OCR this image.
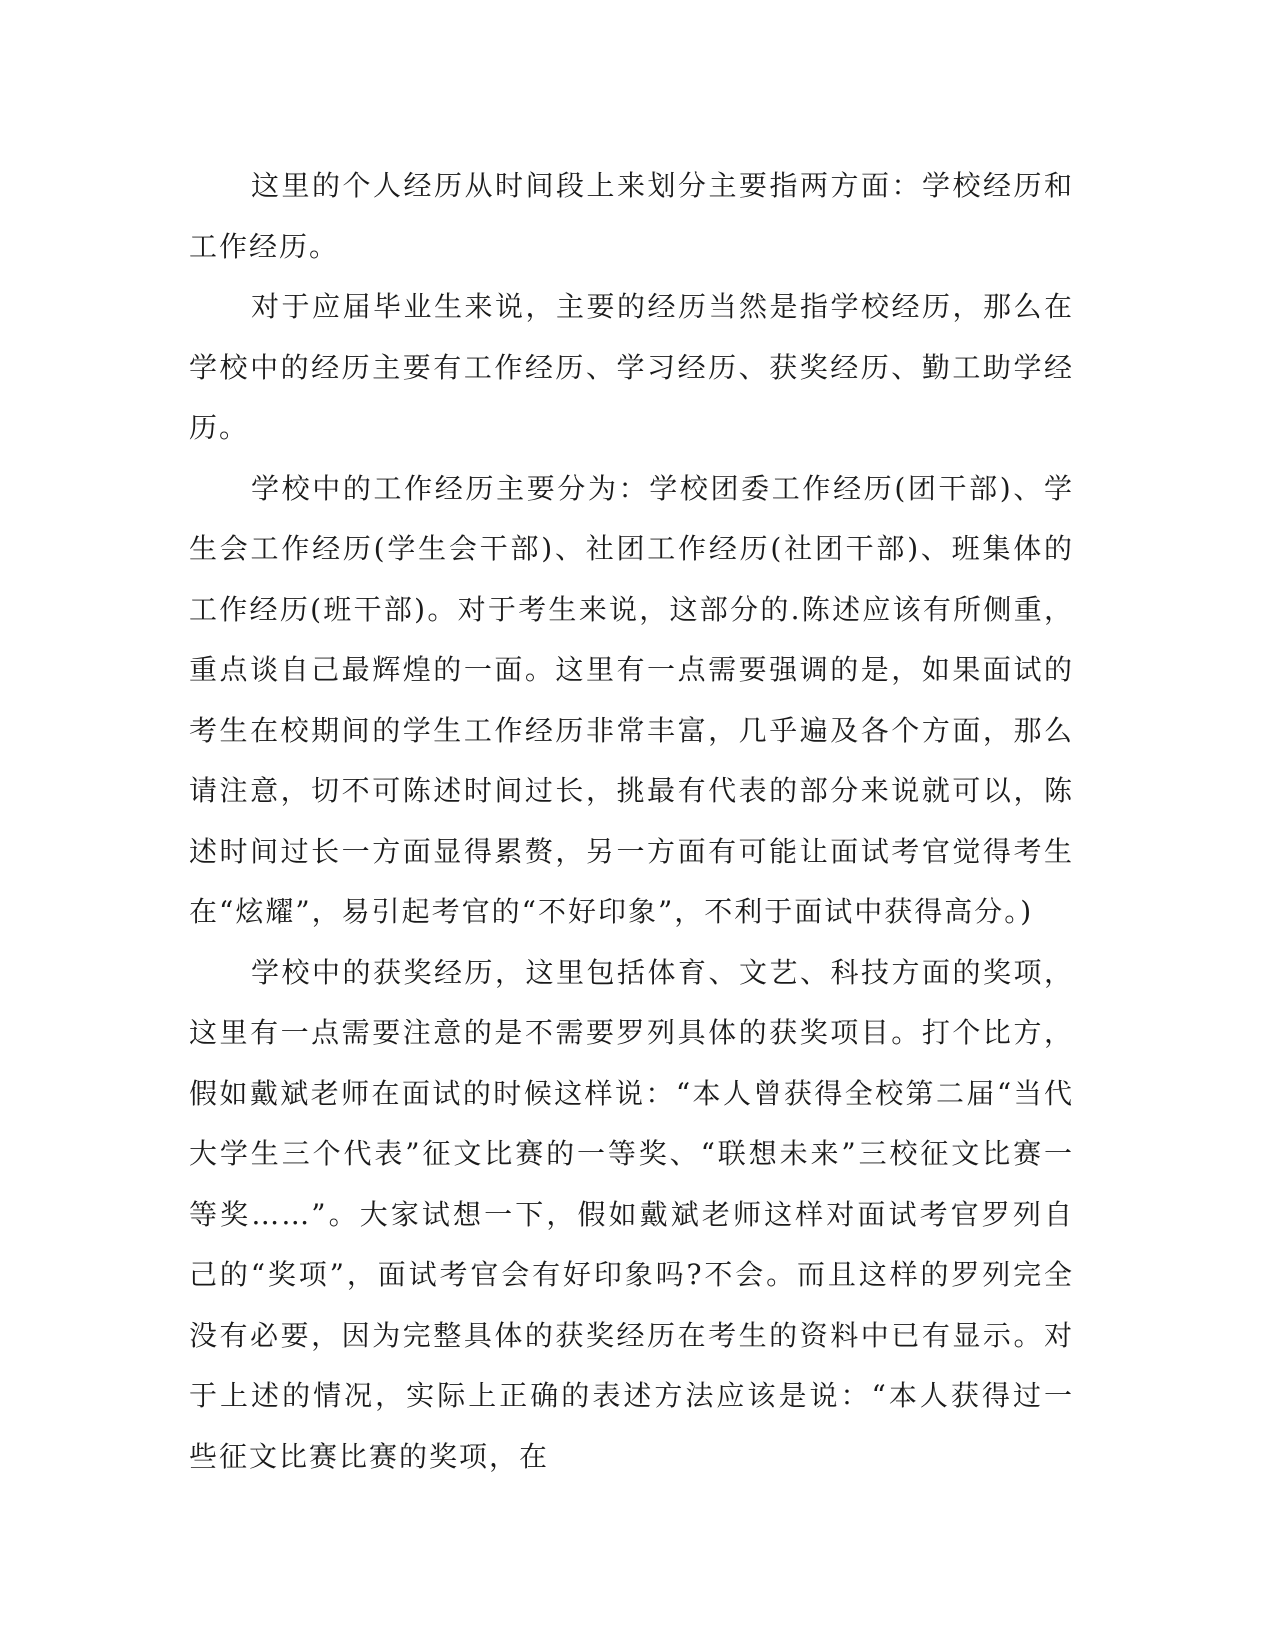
这里的个人经历从时间段上来划分主要指两方面：学校经历和工作经历。

对于应届毕业生来说，主要的经历当然是指学校经历，那么在学校中的经历主要有工作经历、学习经历、获奖经历、勤工助学经历。

学校中的工作经历主要分为：学校团委工作经历(团干部)、学生会工作经历(学生会干部)、社团工作经历(社团干部)、班集体的工作经历(班干部)。对于考生来说，这部分的.陈述应该有所侧重，重点谈自己最辉煌的一面。这里有一点需要强调的是，如果面试的考生在校期间的学生工作经历非常丰富，几乎遍及各个方面，那么请注意，切不可陈述时间过长，挑最有代表的部分来说就可以，陈述时间过长一方面显得累赘，另一方面有可能让面试考官觉得考生在“炫耀”，易引起考官的“不好印象”，不利于面试中获得高分。)

学校中的获奖经历，这里包括体育、文艺、科技方面的奖项，这里有一点需要注意的是不需要罗列具体的获奖项目。打个比方，假如戴斌老师在面试的时候这样说：“本人曾获得全校第二届“当代大学生三个代表”征文比赛的一等奖、“联想未来”三校征文比赛一等奖……”。大家试想一下，假如戴斌老师这样对面试考官罗列自己的“奖项”，面试考官会有好印象吗?不会。而且这样的罗列完全没有必要，因为完整具体的获奖经历在考生的资料中已有显示。对于上述的情况，实际上正确的表述方法应该是说：“本人获得过一些征文比赛比赛的奖项，在
